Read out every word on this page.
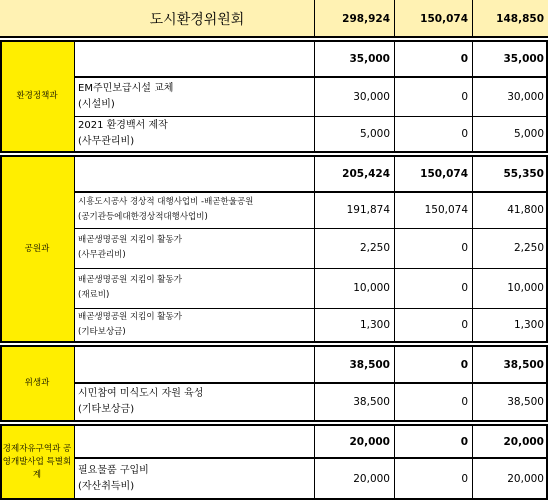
도시환경위원회	298,924	150,074	148,850
환경정책과
35,000	0	35,000
EM주민보급시설 교체
(시설비)
30,000	0	30,000
2021 환경백서 제작
(사무관리비)
5,000	0	5,000
공원과
205,424	150,074	55,350
시흥도시공사 경상적 대행사업비 -배곧한울공원
(공기관등에대한경상적대행사업비)
191,874	150,074	41,800
배곧생명공원 지킴이 활동가
(사무관리비)
2,250	0	2,250
배곧생명공원 지킴이 활동가
(재료비)
10,000	0	10,000
배곧생명공원 지킴이 활동가
(기타보상금)
1,300	0	1,300
위생과
38,500	0	38,500
시민참여 미식도시 자원 육성
(기타보상금)
38,500	0	38,500
경제자유구역과 공영개발사업 특별회계
20,000	0	20,000
필요물품 구입비
(자산취득비)
20,000	0	20,000
